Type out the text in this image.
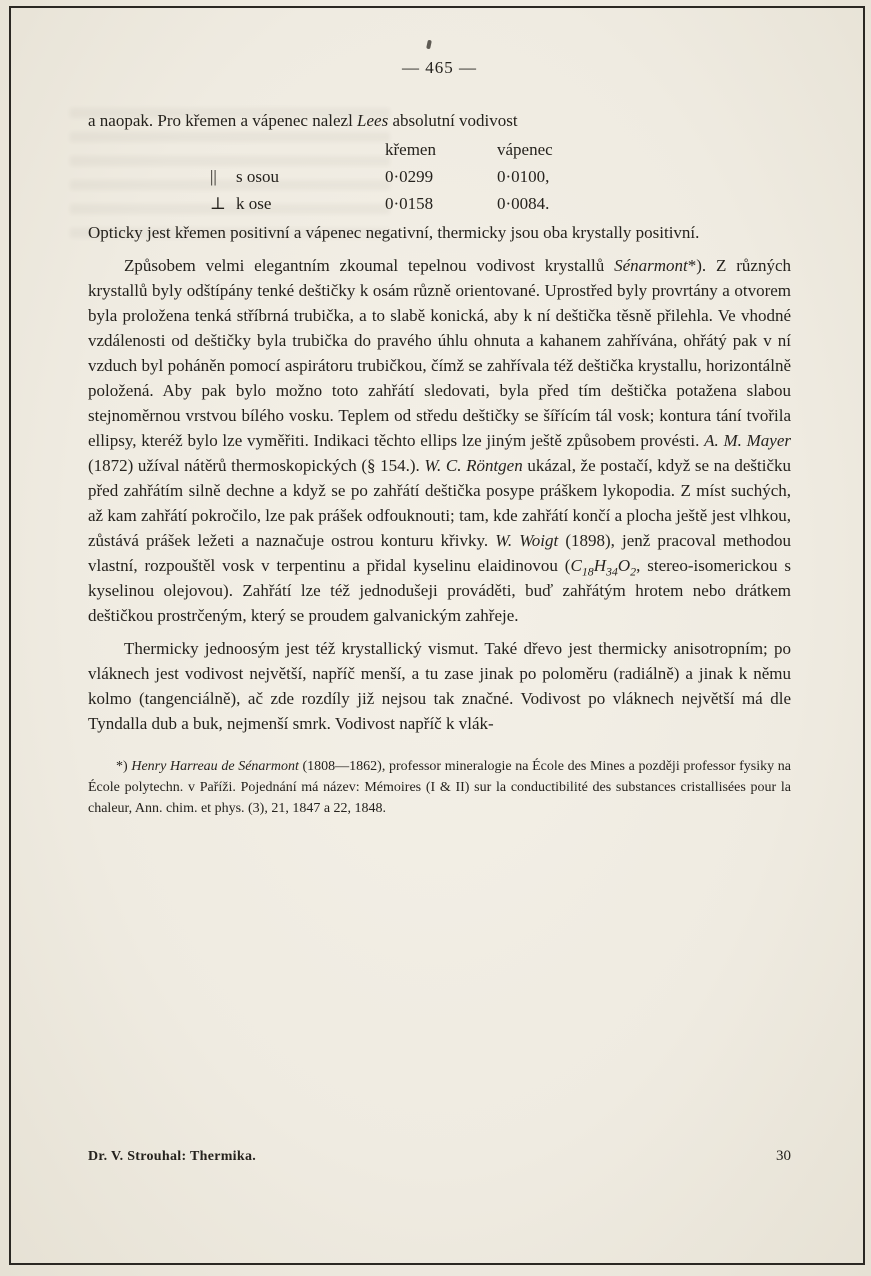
— 465 —

a naopak. Pro křemen a vápenec nalezl Lees absolutní vodivost

křemen	vápenec
|| s osou	0·0299	0·0100,
⊥ k ose	0·0158	0·0084.

Opticky jest křemen positivní a vápenec negativní, thermicky jsou oba krystally positivní.

Způsobem velmi elegantním zkoumal tepelnou vodivost krystallů Sénarmont*). Z různých krystallů byly odštípány tenké deštičky k osám různě orientované. Uprostřed byly provrtány a otvorem byla proložena tenká stříbrná trubička, a to slabě konická, aby k ní deštička těsně přilehla. Ve vhodné vzdálenosti od deštičky byla trubička do pravého úhlu ohnuta a kahanem zahřívána, ohřátý pak v ní vzduch byl poháněn pomocí aspirátoru trubičkou, čímž se zahřívala též deštička krystallu, horizontálně položená. Aby pak bylo možno toto zahřátí sledovati, byla před tím deštička potažena slabou stejnoměrnou vrstvou bílého vosku. Teplem od středu deštičky se šířícím tál vosk; kontura tání tvořila ellipsy, kteréž bylo lze vyměřiti. Indikaci těchto ellips lze jiným ještě způsobem provésti. A. M. Mayer (1872) užíval nátěrů thermoskopických (§ 154.). W. C. Röntgen ukázal, že postačí, když se na deštičku před zahřátím silně dechne a když se po zahřátí deštička posype práškem lykopodia. Z míst suchých, až kam zahřátí pokročilo, lze pak prášek odfouknouti; tam, kde zahřátí končí a plocha ještě jest vlhkou, zůstává prášek ležeti a naznačuje ostrou konturu křivky. W. Woigt (1898), jenž pracoval methodou vlastní, rozpouštěl vosk v terpentinu a přidal kyselinu elaidinovou ($C_{18}H_{34}O_2$, stereo-isomerickou s kyselinou olejovou). Zahřátí lze též jednodušeji prováděti, buď zahřátým hrotem nebo drátkem deštičkou prostrčeným, který se proudem galvanickým zahřeje.

Thermicky jednoosým jest též krystallický vismut. Také dřevo jest thermicky anisotropním; po vláknech jest vodivost největší, napříč menší, a tu zase jinak po poloměru (radiálně) a jinak k němu kolmo (tangenciálně), ač zde rozdíly již nejsou tak značné. Vodivost po vláknech největší má dle Tyndalla dub a buk, nejmenší smrk. Vodivost napříč k vlák-

*) Henry Harreau de Sénarmont (1808—1862), professor mineralogie na École des Mines a později professor fysiky na École polytechn. v Paříži. Pojednání má název: Mémoires (I & II) sur la conductibilité des substances cristallisées pour la chaleur, Ann. chim. et phys. (3), 21, 1847 a 22, 1848.

Dr. V. Strouhal: Thermika.	30
